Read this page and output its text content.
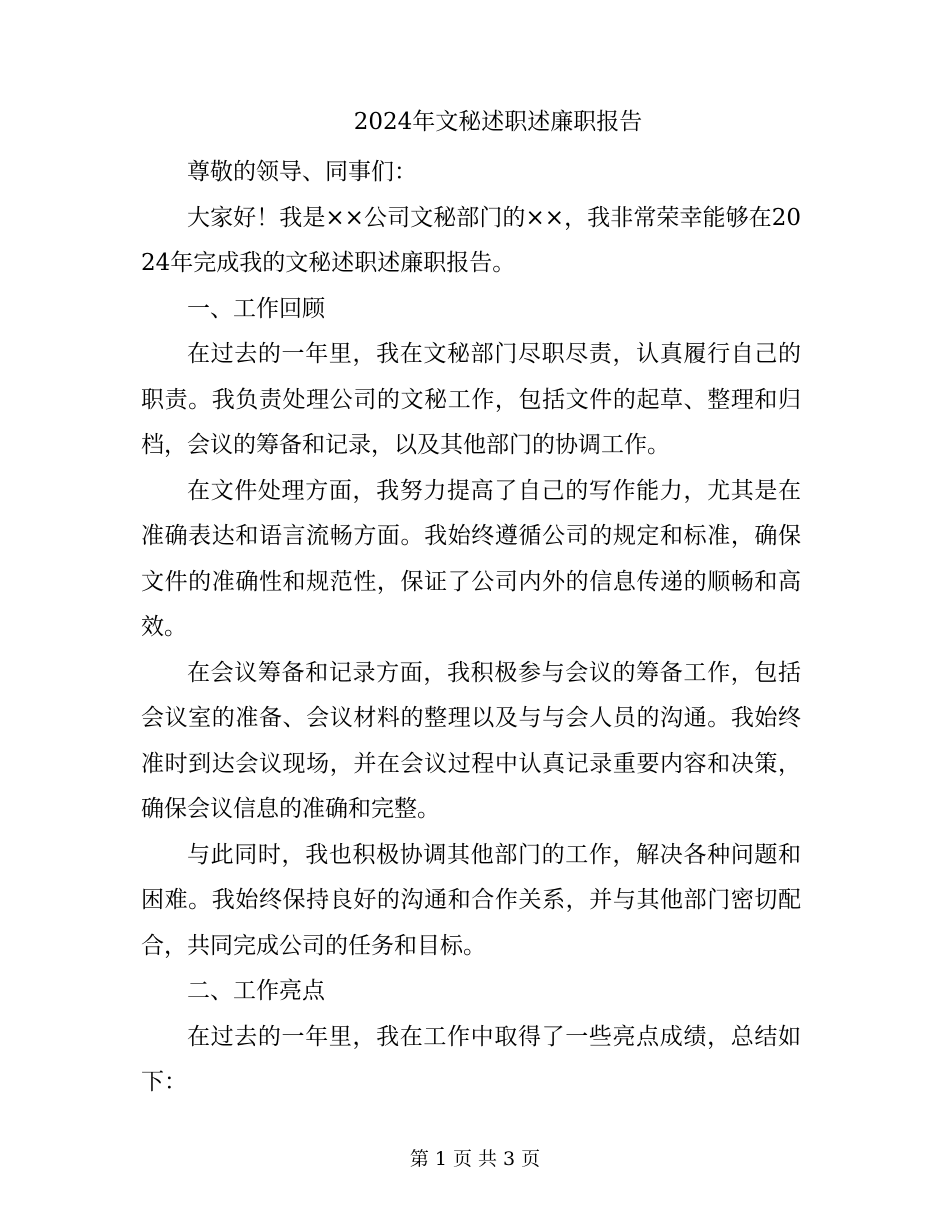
2024年文秘述职述廉职报告

尊敬的领导、同事们：

大家好！我是××公司文秘部门的××，我非常荣幸能够在2024年完成我的文秘述职述廉职报告。

一、工作回顾

在过去的一年里，我在文秘部门尽职尽责，认真履行自己的职责。我负责处理公司的文秘工作，包括文件的起草、整理和归档，会议的筹备和记录，以及其他部门的协调工作。

在文件处理方面，我努力提高了自己的写作能力，尤其是在准确表达和语言流畅方面。我始终遵循公司的规定和标准，确保文件的准确性和规范性，保证了公司内外的信息传递的顺畅和高效。

在会议筹备和记录方面，我积极参与会议的筹备工作，包括会议室的准备、会议材料的整理以及与与会人员的沟通。我始终准时到达会议现场，并在会议过程中认真记录重要内容和决策，确保会议信息的准确和完整。

与此同时，我也积极协调其他部门的工作，解决各种问题和困难。我始终保持良好的沟通和合作关系，并与其他部门密切配合，共同完成公司的任务和目标。

二、工作亮点

在过去的一年里，我在工作中取得了一些亮点成绩，总结如下：

第 1 页 共 3 页
